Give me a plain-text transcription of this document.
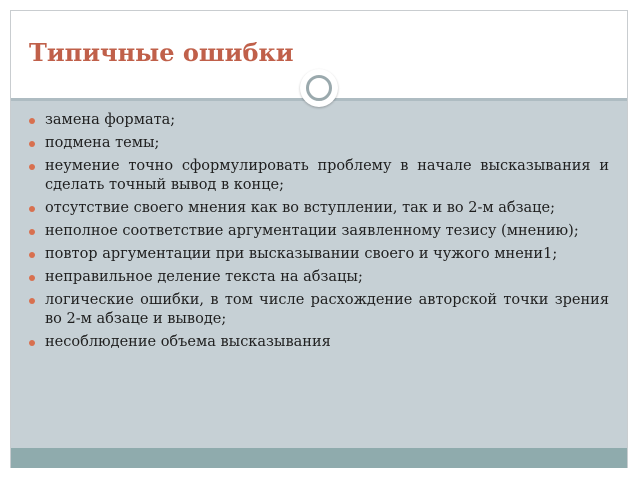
Типичные ошибки
замена формата;
подмена темы;
неумение точно сформулировать проблему в начале высказывания и сделать точный вывод в конце;
отсутствие своего мнения как во вступлении, так и во 2-м абзаце;
неполное соответствие аргументации заявленному тезису (мнению);
повтор аргументации при высказывании своего и чужого мнени1;
неправильное деление текста на абзацы;
логические ошибки, в том числе расхождение авторской точки зрения во 2-м абзаце и выводе;
несоблюдение объема высказывания
